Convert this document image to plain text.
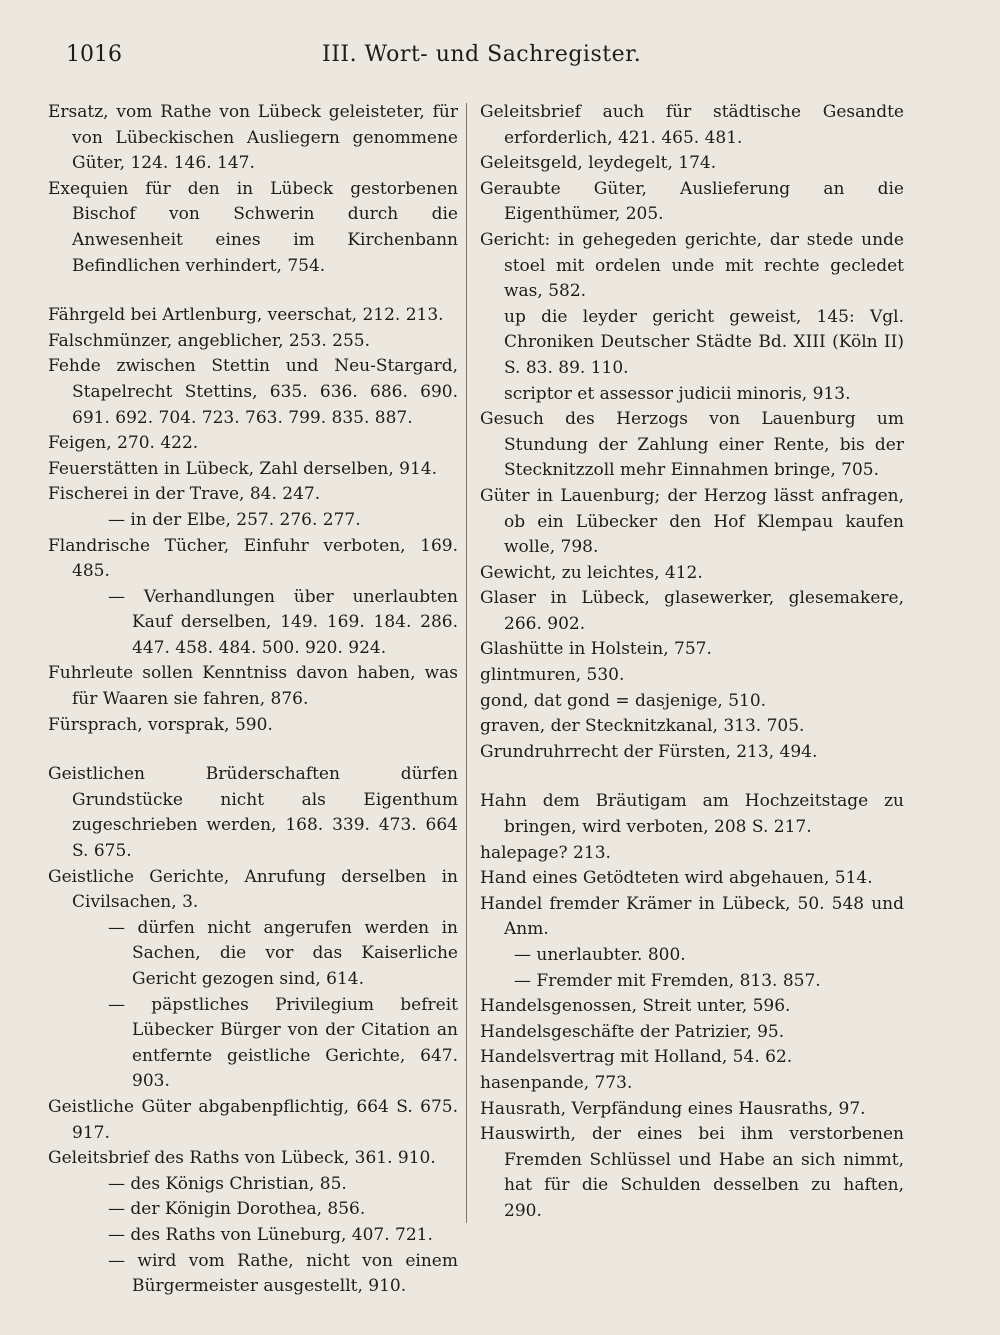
1016	III. Wort- und Sachregister.
Ersatz, vom Rathe von Lübeck geleisteter, für von Lübeckischen Ausliegern genommene Güter, 124. 146. 147.
Exequien für den in Lübeck gestorbenen Bischof von Schwerin durch die Anwesenheit eines im Kirchenbann Befindlichen verhindert, 754.
Fährgeld bei Artlenburg, veerschat, 212. 213.
Falschmünzer, angeblicher, 253. 255.
Fehde zwischen Stettin und Neu-Stargard, Stapelrecht Stettins, 635. 636. 686. 690. 691. 692. 704. 723. 763. 799. 835. 887.
Feigen, 270. 422.
Feuerstätten in Lübeck, Zahl derselben, 914.
Fischerei in der Trave, 84. 247.
— in der Elbe, 257. 276. 277.
Flandrische Tücher, Einfuhr verboten, 169. 485.
— Verhandlungen über unerlaubten Kauf derselben, 149. 169. 184. 286. 447. 458. 484. 500. 920. 924.
Fuhrleute sollen Kenntniss davon haben, was für Waaren sie fahren, 876.
Fürsprach, vorsprak, 590.
Geistlichen Brüderschaften dürfen Grundstücke nicht als Eigenthum zugeschrieben werden, 168. 339. 473. 664 S. 675.
Geistliche Gerichte, Anrufung derselben in Civilsachen, 3.
— dürfen nicht angerufen werden in Sachen, die vor das Kaiserliche Gericht gezogen sind, 614.
— päpstliches Privilegium befreit Lübecker Bürger von der Citation an entfernte geistliche Gerichte, 647. 903.
Geistliche Güter abgabenpflichtig, 664 S. 675. 917.
Geleitsbrief des Raths von Lübeck, 361. 910.
— des Königs Christian, 85.
— der Königin Dorothea, 856.
— des Raths von Lüneburg, 407. 721.
— wird vom Rathe, nicht von einem Bürgermeister ausgestellt, 910.
Geleitsbrief auch für städtische Gesandte erforderlich, 421. 465. 481.
Geleitsgeld, leydegelt, 174.
Geraubte Güter, Auslieferung an die Eigenthümer, 205.
Gericht: in gehegeden gerichte, dar stede unde stoel mit ordelen unde mit rechte gecledet was, 582.
up die leyder gericht geweist, 145: Vgl. Chroniken Deutscher Städte Bd. XIII (Köln II) S. 83. 89. 110.
scriptor et assessor judicii minoris, 913.
Gesuch des Herzogs von Lauenburg um Stundung der Zahlung einer Rente, bis der Stecknitzzoll mehr Einnahmen bringe, 705.
Güter in Lauenburg; der Herzog lässt anfragen, ob ein Lübecker den Hof Klempau kaufen wolle, 798.
Gewicht, zu leichtes, 412.
Glaser in Lübeck, glasewerker, glesemakere, 266. 902.
Glashütte in Holstein, 757.
glintmuren, 530.
gond, dat gond = dasjenige, 510.
graven, der Stecknitzkanal, 313. 705.
Grundruhrrecht der Fürsten, 213, 494.
Hahn dem Bräutigam am Hochzeitstage zu bringen, wird verboten, 208 S. 217.
halepage? 213.
Hand eines Getödteten wird abgehauen, 514.
Handel fremder Krämer in Lübeck, 50. 548 und Anm.
— unerlaubter. 800.
— Fremder mit Fremden, 813. 857.
Handelsgenossen, Streit unter, 596.
Handelsgeschäfte der Patrizier, 95.
Handelsvertrag mit Holland, 54. 62.
hasenpande, 773.
Hausrath, Verpfändung eines Hausraths, 97.
Hauswirth, der eines bei ihm verstorbenen Fremden Schlüssel und Habe an sich nimmt, hat für die Schulden desselben zu haften, 290.
